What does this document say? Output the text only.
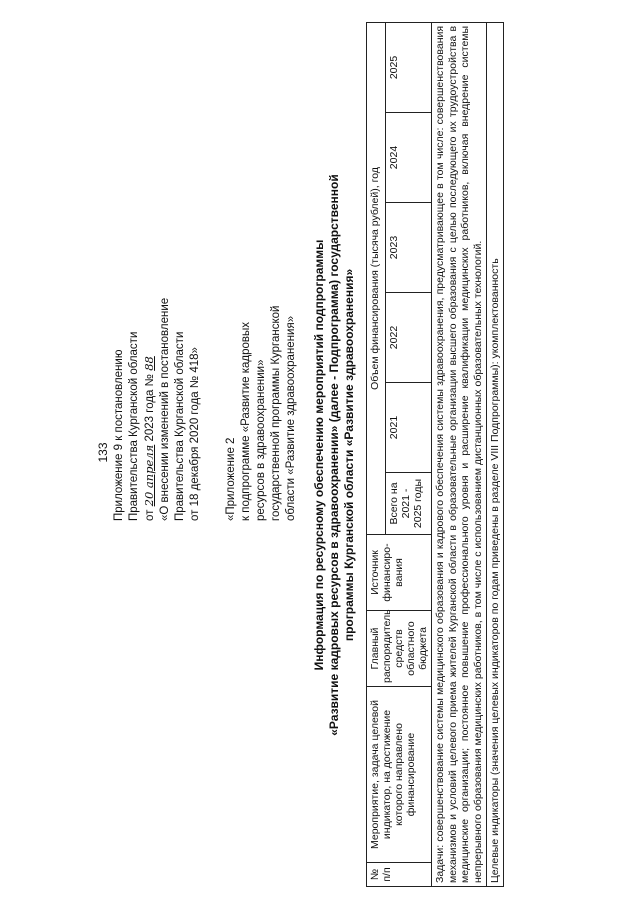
133 Приложение 9 к постановлению Правительства Курганской области от 20 апреля 2023 года № 88 «О внесении изменений в постановление Правительства Курганской области от 18 декабря 2020 года № 418» «Приложение 2 к подпрограмме «Развитие кадровых ресурсов в здравоохранении» государственной программы Курганской области «Развитие здравоохранения» Информация по ресурсному обеспечению мероприятий подпрограммы «Развитие кадровых ресурсов в здравоохранении» (далее - Подпрограмма) государственной программы Курганской области «Развитие здравоохранения»
№ п/п	Мероприятие, задача целевой индикатор, на достижение которого направлено финансирование	Главный распорядитель средств областного бюджета	Источник финансиро-вания	Объем финансирования (тысяча рублей), год					
				Всего на 2021 - 2025 годы	2021	2022	2023	2024	2025
Задачи: совершенствование системы медицинского образования и кадрового обеспечения системы здравоохранения, предусматривающее в том числе: совершенствования механизмов и условий целевого приема жителей Курганской области в образовательные организации высшего образования с целью последующего их трудоустройства в медицинские организации; постоянное повышение профессионального уровня и расширение квалификации медицинских работников, включая внедрение системы непрерывного образования медицинских работников, в том числе с использованием дистанционных образовательных технологий.									
Целевые индикаторы (значения целевых индикаторов по годам приведены в разделе VIII Подпрограммы): укомплектованность									
